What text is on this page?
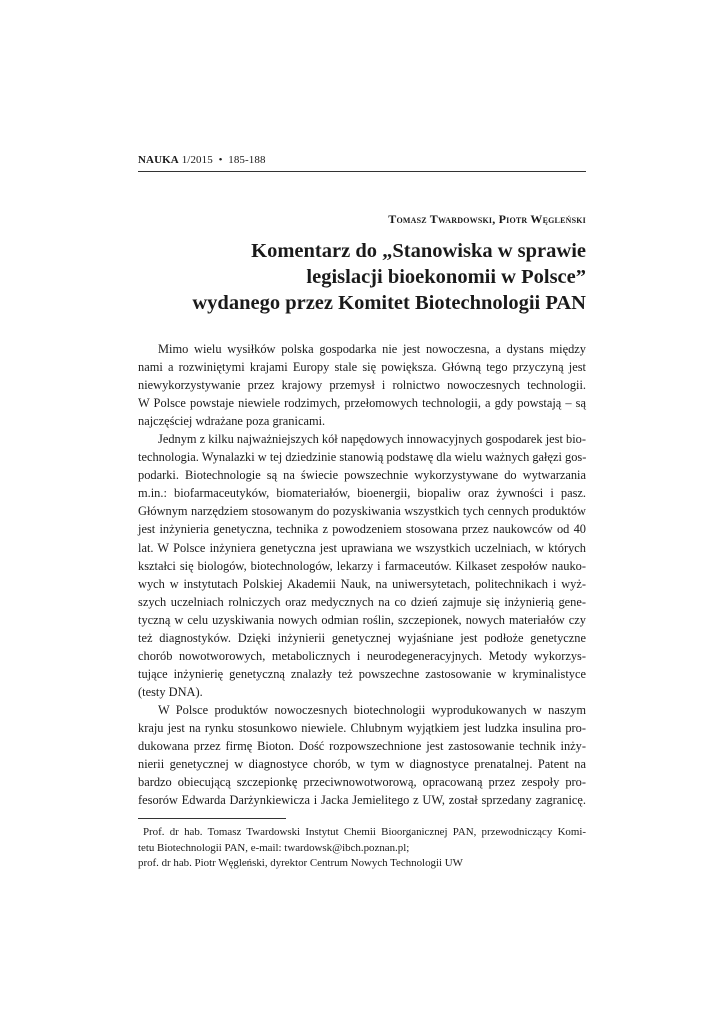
NAUKA 1/2015 • 185-188
Tomasz Twardowski, Piotr Węgleński
Komentarz do „Stanowiska w sprawie
legislacji bioekonomii w Polsce”
wydanego przez Komitet Biotechnologii PAN
Mimo wielu wysiłków polska gospodarka nie jest nowoczesna, a dystans między
nami a rozwiniętymi krajami Europy stale się powiększa. Główną tego przyczyną jest
niewykorzystywanie przez krajowy przemysł i rolnictwo nowoczesnych technologii.
W Polsce powstaje niewiele rodzimych, przełomowych technologii, a gdy powstają – są
najczęściej wdrażane poza granicami.
Jednym z kilku najważniejszych kół napędowych innowacyjnych gospodarek jest bio-
technologia. Wynalazki w tej dziedzinie stanowią podstawę dla wielu ważnych gałęzi gos-
podarki. Biotechnologie są na świecie powszechnie wykorzystywane do wytwarzania
m.in.: biofarmaceutyków, biomateriałów, bioenergii, biopaliw oraz żywności i pasz.
Głównym narzędziem stosowanym do pozyskiwania wszystkich tych cennych produktów
jest inżynieria genetyczna, technika z powodzeniem stosowana przez naukowców od 40
lat. W Polsce inżyniera genetyczna jest uprawiana we wszystkich uczelniach, w których
kształci się biologów, biotechnologów, lekarzy i farmaceutów. Kilkaset zespołów nauko-
wych w instytutach Polskiej Akademii Nauk, na uniwersytetach, politechnikach i wyż-
szych uczelniach rolniczych oraz medycznych na co dzień zajmuje się inżynierią gene-
tyczną w celu uzyskiwania nowych odmian roślin, szczepionek, nowych materiałów czy
też diagnostyków. Dzięki inżynierii genetycznej wyjaśniane jest podłoże genetyczne
chorób nowotworowych, metabolicznych i neurodegeneracyjnych. Metody wykorzys-
tujące inżynierię genetyczną znalazły też powszechne zastosowanie w kryminalistyce
(testy DNA).
W Polsce produktów nowoczesnych biotechnologii wyprodukowanych w naszym
kraju jest na rynku stosunkowo niewiele. Chlubnym wyjątkiem jest ludzka insulina pro-
dukowana przez firmę Bioton. Dość rozpowszechnione jest zastosowanie technik inży-
nierii genetycznej w diagnostyce chorób, w tym w diagnostyce prenatalnej. Patent na
bardzo obiecującą szczepionkę przeciwnowotworową, opracowaną przez zespoły pro-
fesorów Edwarda Darżynkiewicza i Jacka Jemielitego z UW, został sprzedany zagranicę.
Prof. dr hab. Tomasz Twardowski Instytut Chemii Bioorganicznej PAN, przewodniczący Komi-
tetu Biotechnologii PAN, e-mail: twardowsk@ibch.poznan.pl;
prof. dr hab. Piotr Węgleński, dyrektor Centrum Nowych Technologii UW
